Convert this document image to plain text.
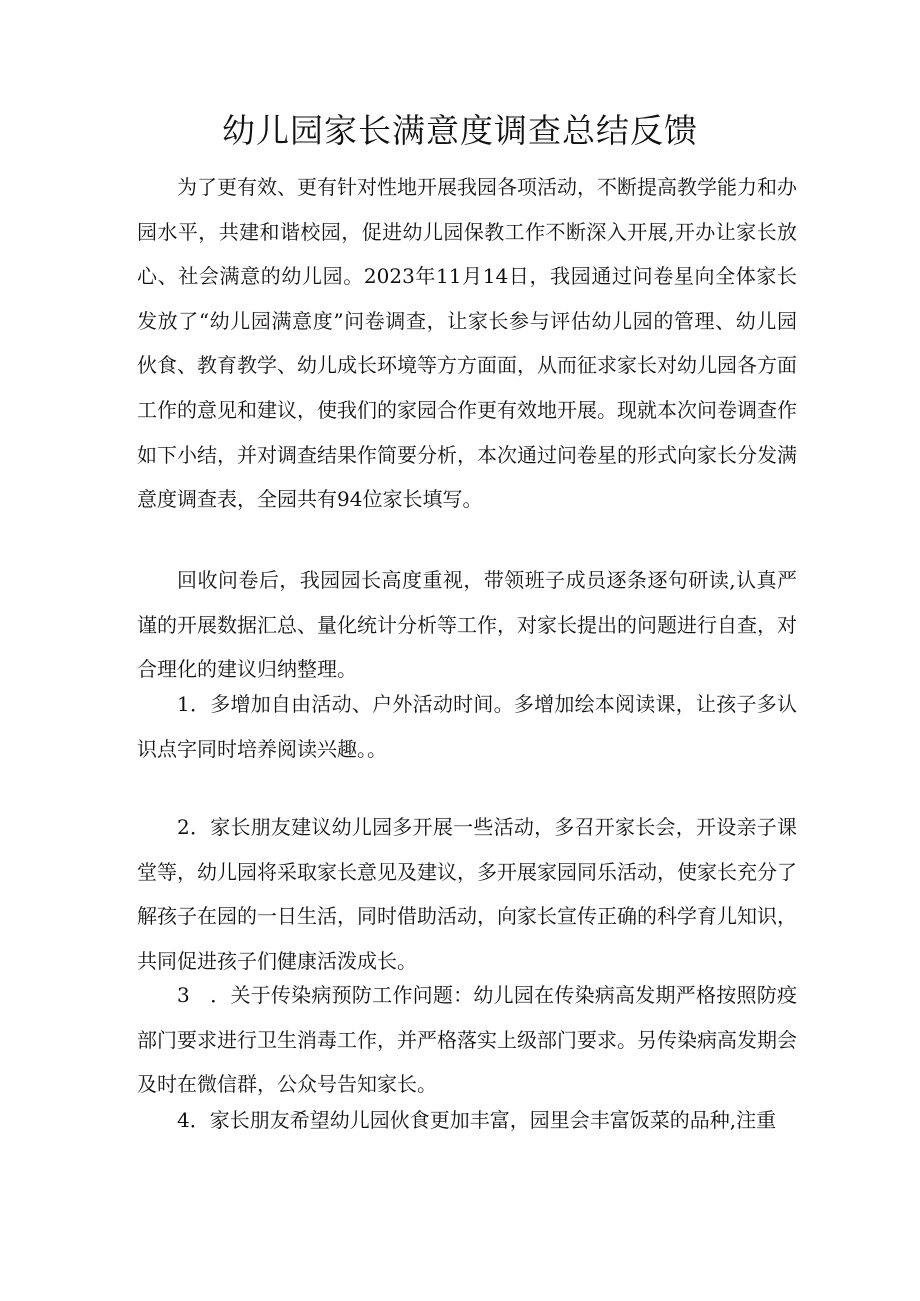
幼儿园家长满意度调查总结反馈

为了更有效、更有针对性地开展我园各项活动，不断提高教学能力和办园水平，共建和谐校园，促进幼儿园保教工作不断深入开展,开办让家长放心、社会满意的幼儿园。2023年11月14日，我园通过问卷星向全体家长发放了“幼儿园满意度”问卷调查，让家长参与评估幼儿园的管理、幼儿园伙食、教育教学、幼儿成长环境等方方面面，从而征求家长对幼儿园各方面工作的意见和建议，使我们的家园合作更有效地开展。现就本次问卷调查作如下小结，并对调查结果作简要分析，本次通过问卷星的形式向家长分发满意度调查表，全园共有94位家长填写。

回收问卷后，我园园长高度重视，带领班子成员逐条逐句研读,认真严谨的开展数据汇总、量化统计分析等工作，对家长提出的问题进行自查，对合理化的建议归纳整理。

1．多增加自由活动、户外活动时间。多增加绘本阅读课，让孩子多认识点字同时培养阅读兴趣。。

2．家长朋友建议幼儿园多开展一些活动，多召开家长会，开设亲子课堂等，幼儿园将采取家长意见及建议，多开展家园同乐活动，使家长充分了解孩子在园的一日生活，同时借助活动，向家长宣传正确的科学育儿知识，共同促进孩子们健康活泼成长。

3　．关于传染病预防工作问题：幼儿园在传染病高发期严格按照防疫部门要求进行卫生消毒工作，并严格落实上级部门要求。另传染病高发期会及时在微信群，公众号告知家长。

4．家长朋友希望幼儿园伙食更加丰富，园里会丰富饭菜的品种,注重
